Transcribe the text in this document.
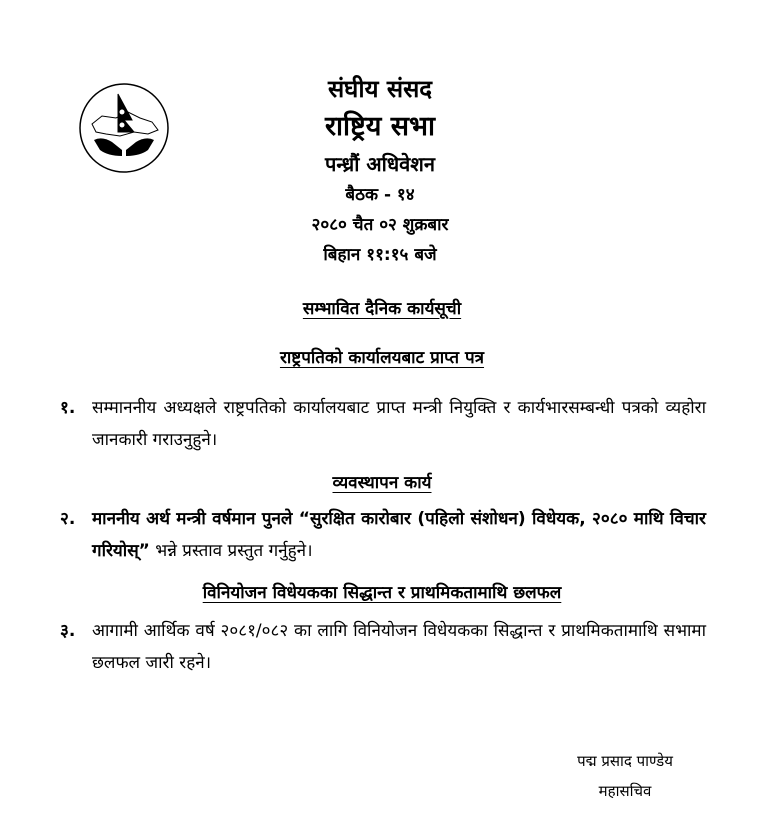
संघीय संसद
राष्ट्रिय सभा
पन्ध्रौं अधिवेशन
बैठक - १४
२०८० चैत ०२ शुक्रबार
बिहान ११:१५ बजे
सम्भावित दैनिक कार्यसूची
राष्ट्रपतिको कार्यालयबाट प्राप्त पत्र
१. सम्माननीय अध्यक्षले राष्ट्रपतिको कार्यालयबाट प्राप्त मन्त्री नियुक्ति र कार्यभारसम्बन्धी पत्रको व्यहोरा जानकारी गराउनुहुने।
व्यवस्थापन कार्य
२. माननीय अर्थ मन्त्री वर्षमान पुनले “सुरक्षित कारोबार (पहिलो संशोधन) विधेयक, २०८० माथि विचार गरियोस्” भन्ने प्रस्ताव प्रस्तुत गर्नुहुने।
विनियोजन विधेयकका सिद्धान्त र प्राथमिकतामाथि छलफल
३. आगामी आर्थिक वर्ष २०८१/०८२ का लागि विनियोजन विधेयकका सिद्धान्त र प्राथमिकतामाथि सभामा छलफल जारी रहने।
पद्म प्रसाद पाण्डेय
महासचिव
